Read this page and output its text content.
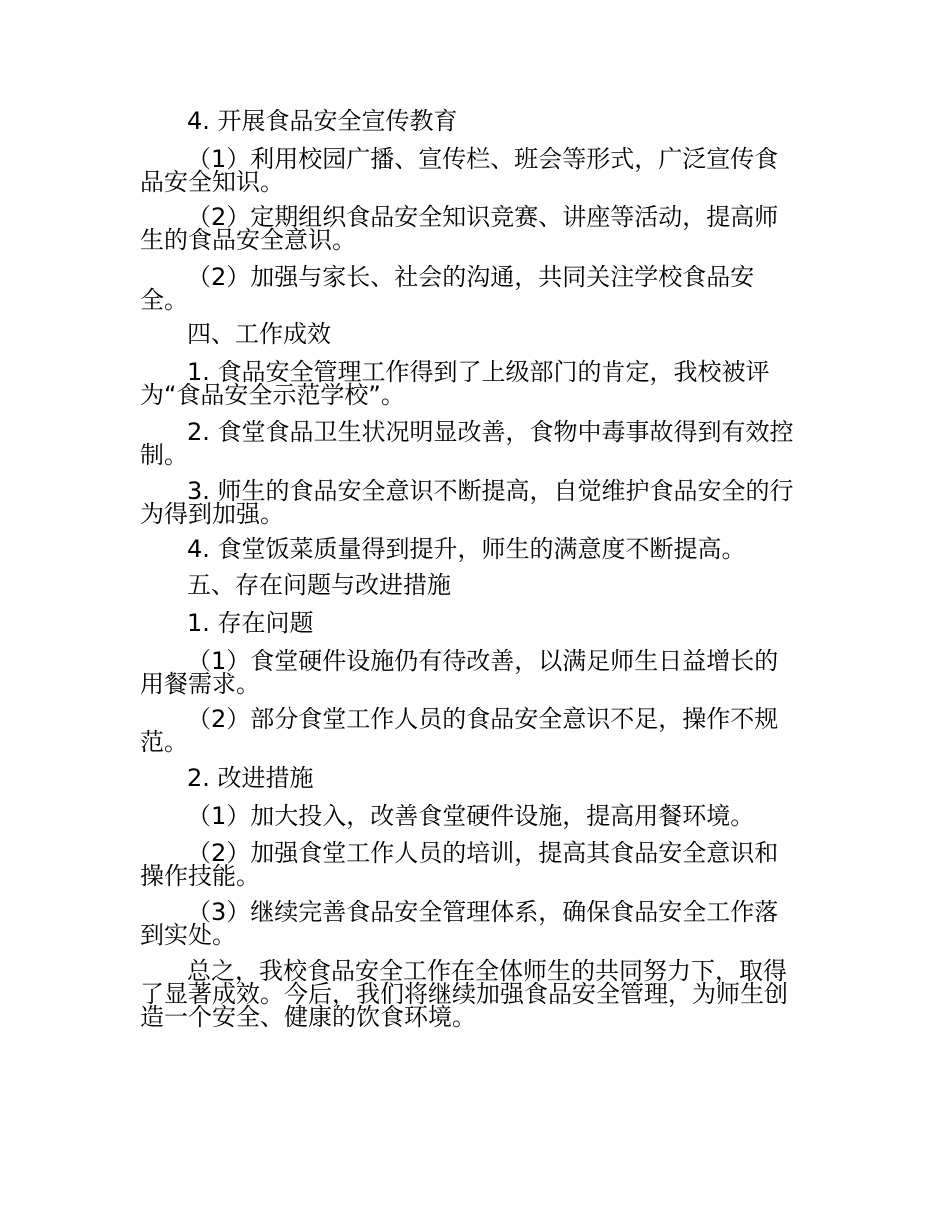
4. 开展食品安全宣传教育

（1）利用校园广播、宣传栏、班会等形式，广泛宣传食

品安全知识。

（2）定期组织食品安全知识竞赛、讲座等活动，提高师

生的食品安全意识。

（2）加强与家长、社会的沟通，共同关注学校食品安

全。

四、工作成效

1. 食品安全管理工作得到了上级部门的肯定，我校被评

为“食品安全示范学校”。

2. 食堂食品卫生状况明显改善，食物中毒事故得到有效控

制。

3. 师生的食品安全意识不断提高，自觉维护食品安全的行

为得到加强。

4. 食堂饭菜质量得到提升，师生的满意度不断提高。

五、存在问题与改进措施

1. 存在问题

（1）食堂硬件设施仍有待改善，以满足师生日益增长的

用餐需求。

（2）部分食堂工作人员的食品安全意识不足，操作不规

范。

2. 改进措施

（1）加大投入，改善食堂硬件设施，提高用餐环境。

（2）加强食堂工作人员的培训，提高其食品安全意识和

操作技能。

（3）继续完善食品安全管理体系，确保食品安全工作落

到实处。

总之，我校食品安全工作在全体师生的共同努力下，取得

了显著成效。今后，我们将继续加强食品安全管理，为师生创

造一个安全、健康的饮食环境。
